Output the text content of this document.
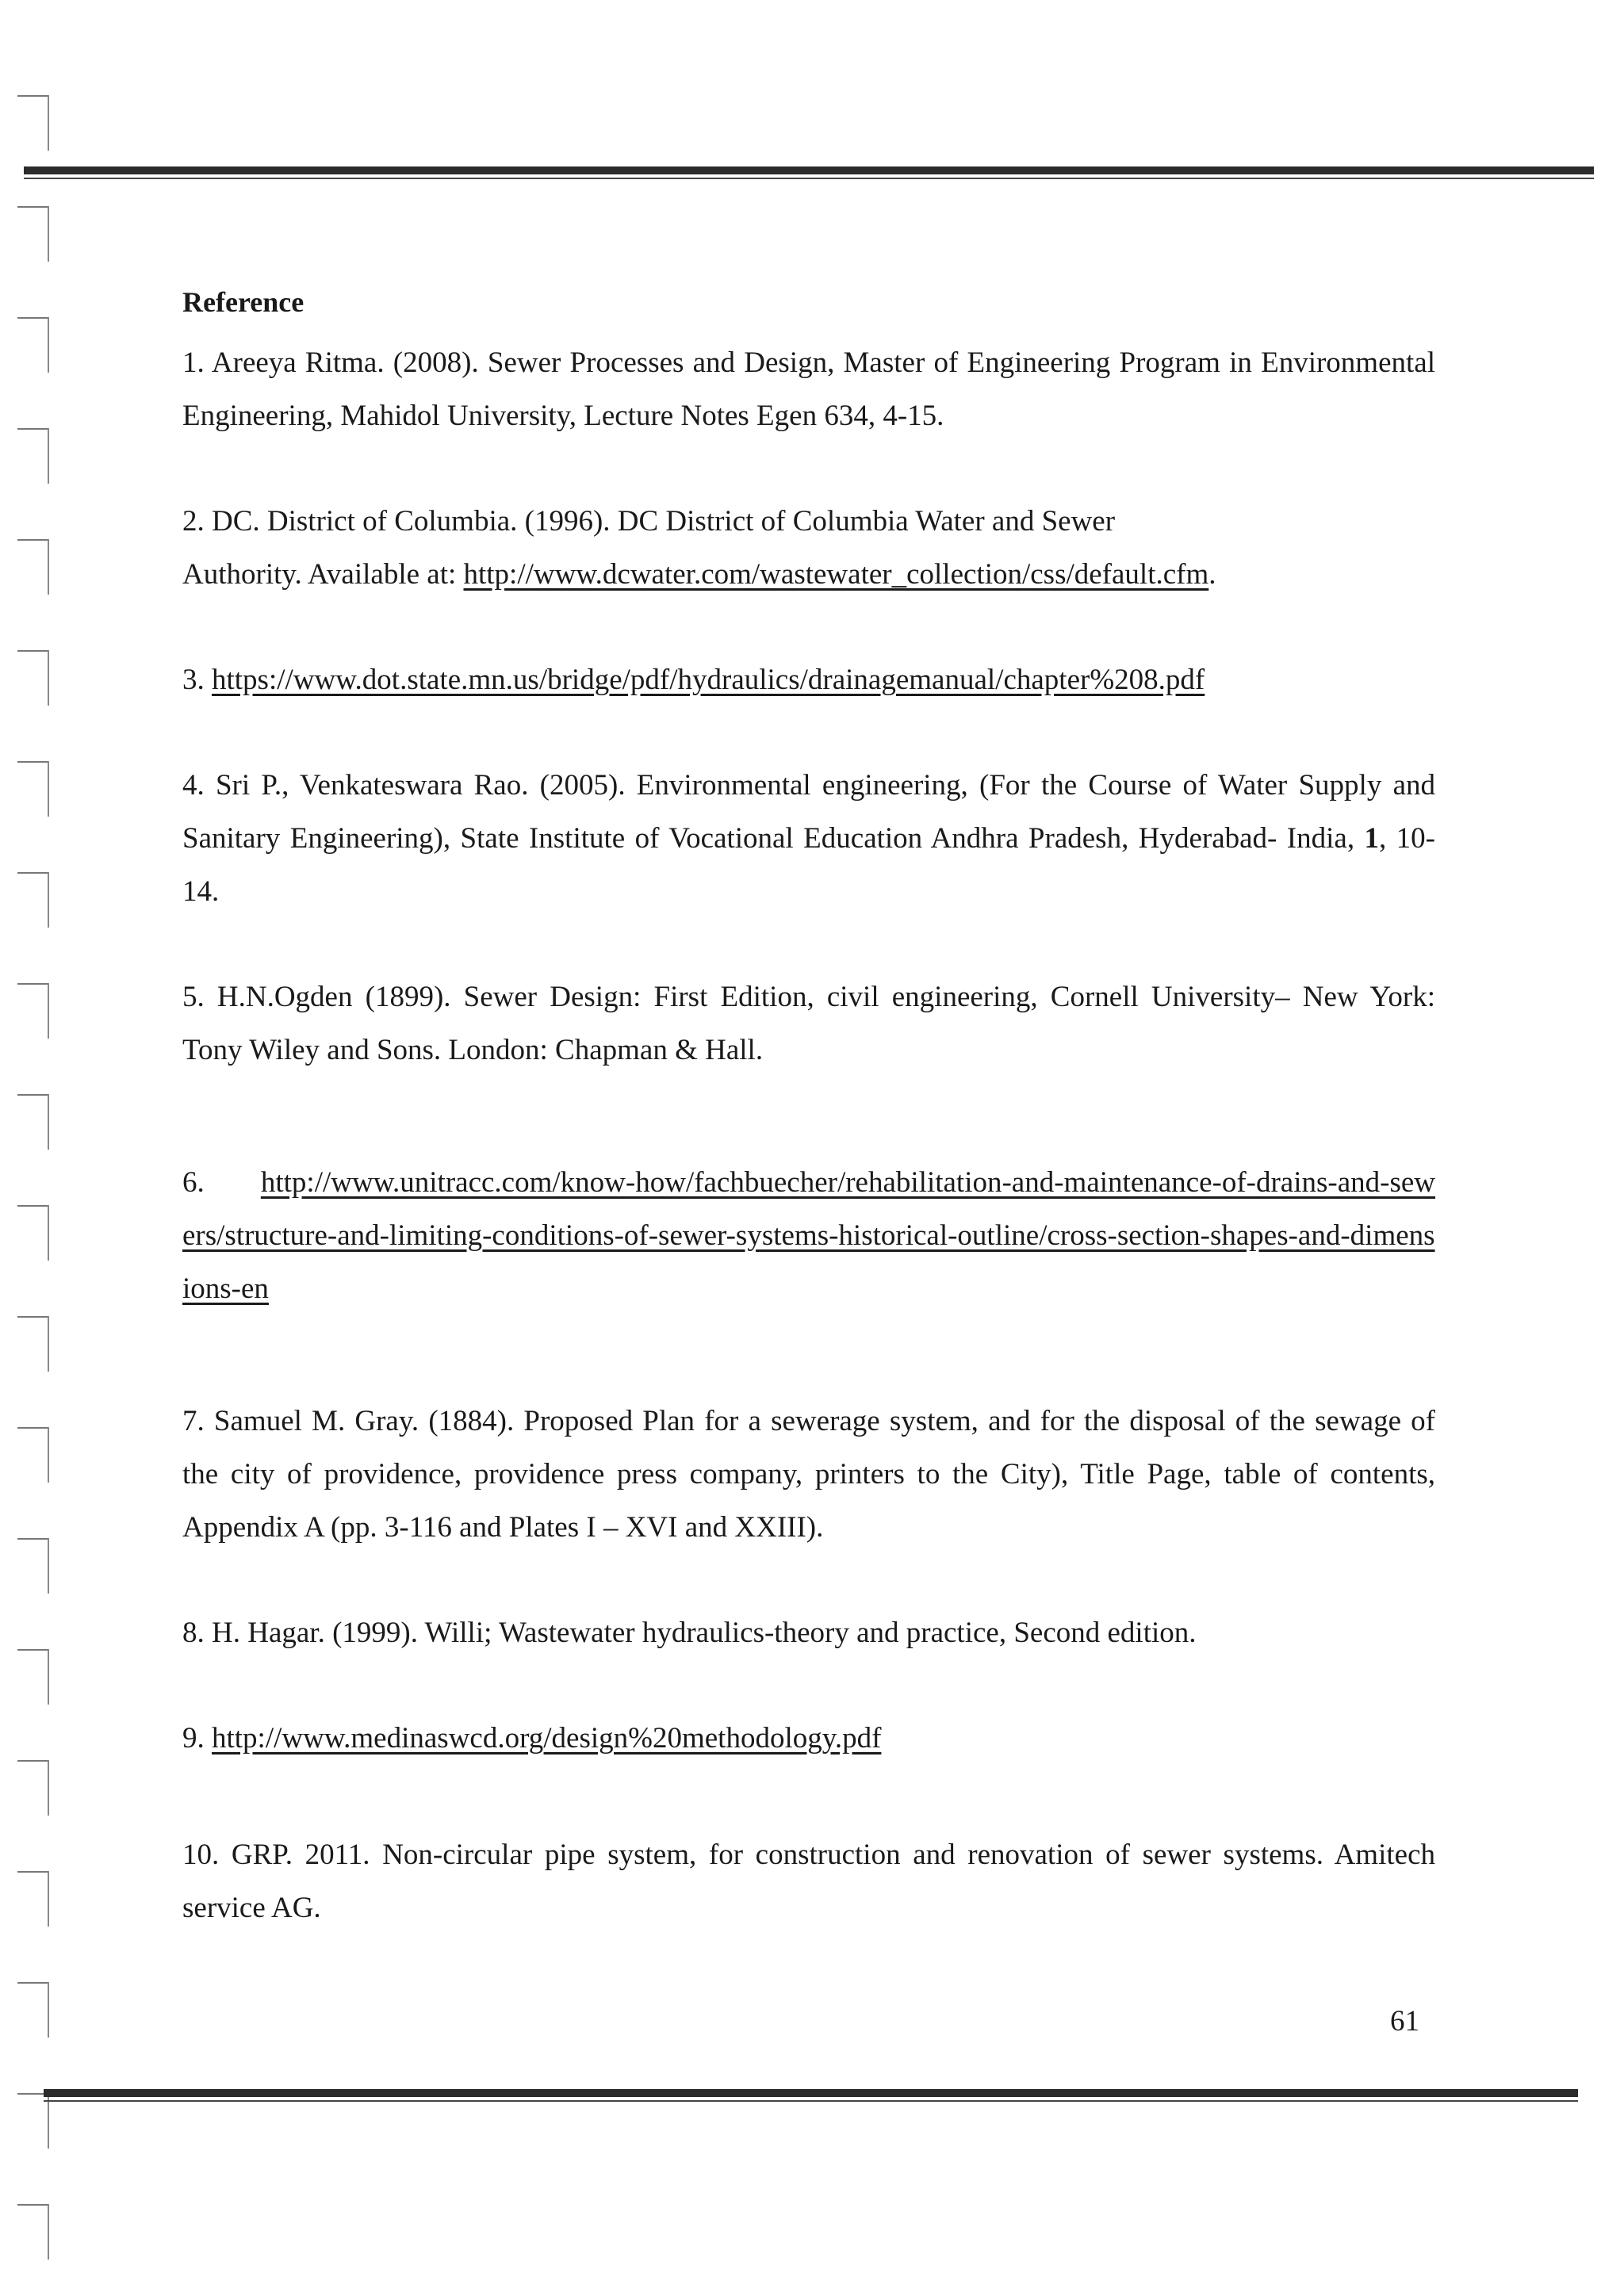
Reference

1. Areeya Ritma. (2008). Sewer Processes and Design, Master of Engineering Program in Environmental Engineering, Mahidol University, Lecture Notes Egen 634, 4-15.

2. DC. District of Columbia. (1996). DC District of Columbia Water and Sewer
Authority. Available at: http://www.dcwater.com/wastewater_collection/css/default.cfm.

3. https://www.dot.state.mn.us/bridge/pdf/hydraulics/drainagemanual/chapter%208.pdf

4. Sri P., Venkateswara Rao. (2005). Environmental engineering, (For the Course of Water Supply and Sanitary Engineering), State Institute of Vocational Education Andhra Pradesh, Hyderabad- India, 1, 10-14.

5. H.N.Ogden (1899). Sewer Design: First Edition, civil engineering, Cornell University– New York: Tony Wiley and Sons. London: Chapman & Hall.

6. http://www.unitracc.com/know-how/fachbuecher/rehabilitation-and-maintenance-of-drains-and-sewers/structure-and-limiting-conditions-of-sewer-systems-historical-outline/cross-section-shapes-and-dimensions-en

7. Samuel M. Gray. (1884). Proposed Plan for a sewerage system, and for the disposal of the sewage of the city of providence, providence press company, printers to the City), Title Page, table of contents, Appendix A (pp. 3-116 and Plates I – XVI and XXIII).

8. H. Hagar. (1999). Willi; Wastewater hydraulics-theory and practice, Second edition.

9. http://www.medinaswcd.org/design%20methodology.pdf

10. GRP. 2011. Non-circular pipe system, for construction and renovation of sewer systems. Amitech service AG.

61
